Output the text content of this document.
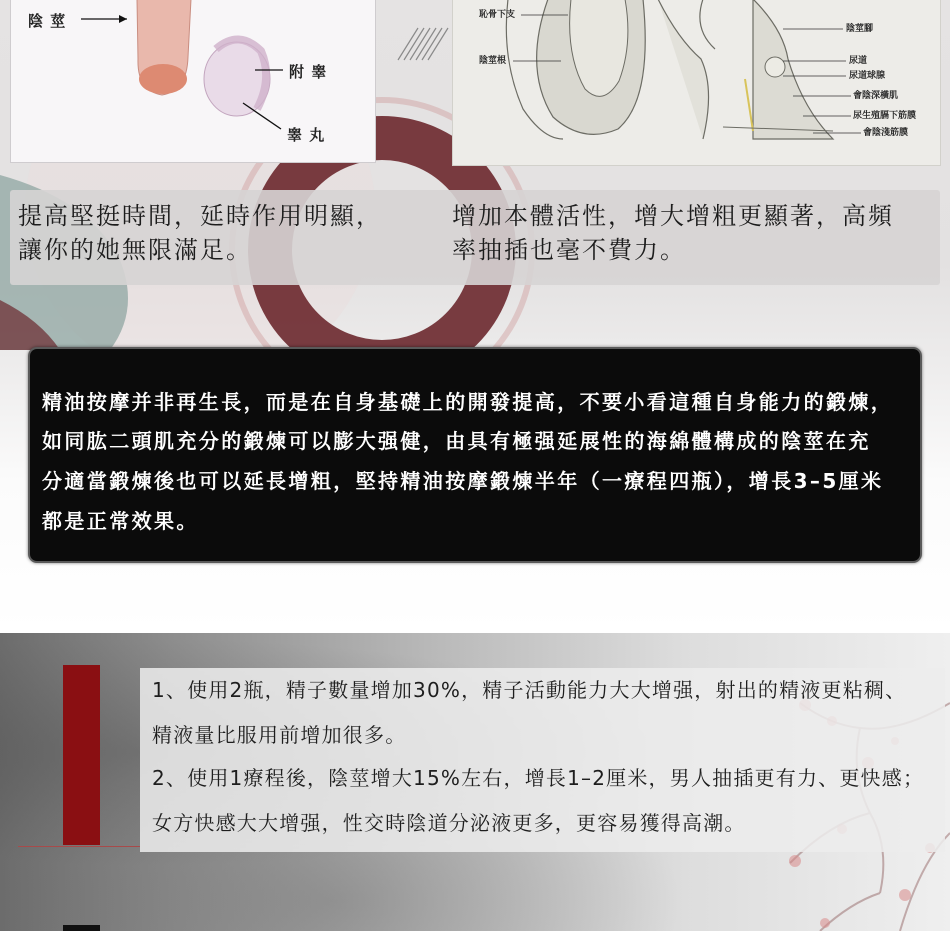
陰 莖
附 睾
睾 丸
恥骨下支
陰莖根
陰莖腳
尿道
尿道球腺
會陰深橫肌
尿生殖膈下筋膜
會陰淺筋膜
提高堅挺時間，延時作用明顯，
讓你的她無限滿足。
增加本體活性，增大增粗更顯著，高頻
率抽插也毫不費力。
精油按摩并非再生長，而是在自身基礎上的開發提高，不要小看這種自身能力的鍛煉，
如同肱二頭肌充分的鍛煉可以膨大强健，由具有極强延展性的海綿體構成的陰莖在充
分適當鍛煉後也可以延長增粗，堅持精油按摩鍛煉半年（一療程四瓶），增長3–5厘米
都是正常效果。
1、使用2瓶，精子數量增加30%，精子活動能力大大增强，射出的精液更粘稠、
精液量比服用前增加很多。
2、使用1療程後，陰莖增大15%左右，增長1–2厘米，男人抽插更有力、更快感；
女方快感大大增强，性交時陰道分泌液更多，更容易獲得高潮。
